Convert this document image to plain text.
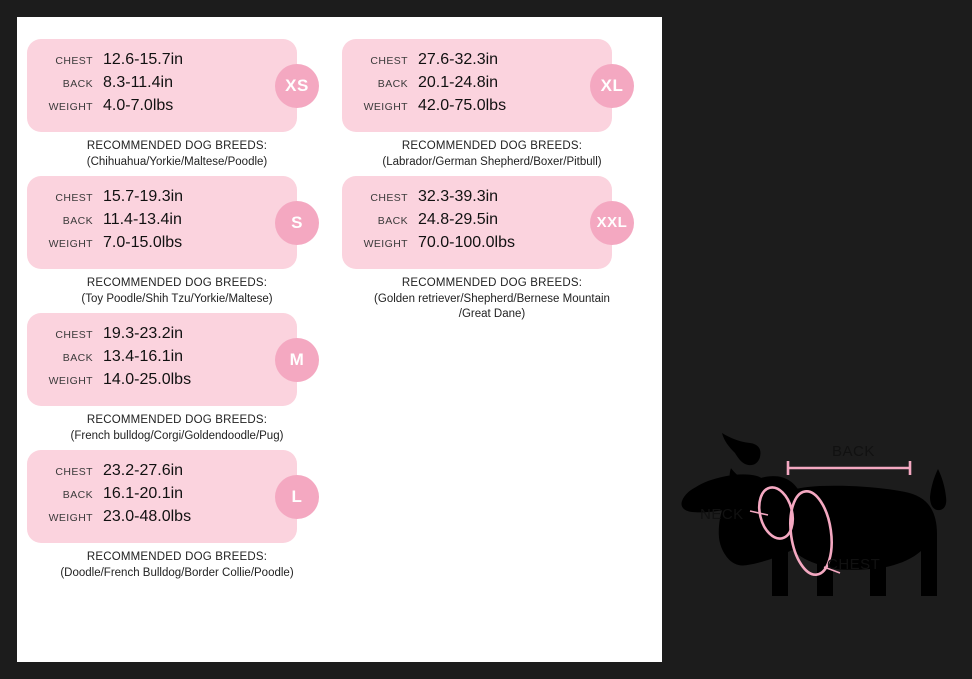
CHEST 12.6-15.7in
BACK 8.3-11.4in
WEIGHT 4.0-7.0lbs
XS
RECOMMENDED DOG BREEDS:
(Chihuahua/Yorkie/Maltese/Poodle)
CHEST 15.7-19.3in
BACK 11.4-13.4in
WEIGHT 7.0-15.0lbs
S
RECOMMENDED DOG BREEDS:
(Toy Poodle/Shih Tzu/Yorkie/Maltese)
CHEST 19.3-23.2in
BACK 13.4-16.1in
WEIGHT 14.0-25.0lbs
M
RECOMMENDED DOG BREEDS:
(French bulldog/Corgi/Goldendoodle/Pug)
CHEST 23.2-27.6in
BACK 16.1-20.1in
WEIGHT 23.0-48.0lbs
L
RECOMMENDED DOG BREEDS:
(Doodle/French Bulldog/Border Collie/Poodle)
CHEST 27.6-32.3in
BACK 20.1-24.8in
WEIGHT 42.0-75.0lbs
XL
RECOMMENDED DOG BREEDS:
(Labrador/German Shepherd/Boxer/Pitbull)
CHEST 32.3-39.3in
BACK 24.8-29.5in
WEIGHT 70.0-100.0lbs
XXL
RECOMMENDED DOG BREEDS:
(Golden retriever/Shepherd/Bernese Mountain
/Great Dane)
BACK
NECK
CHEST
